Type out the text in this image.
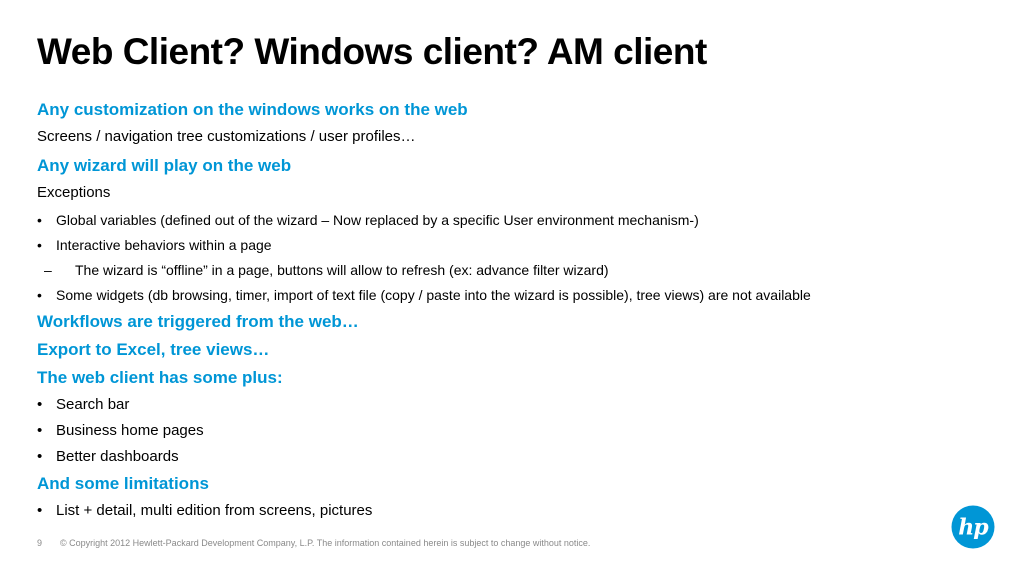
Web Client? Windows client? AM client
Any customization on the windows works on the web
Screens / navigation tree customizations / user profiles…
Any wizard will play on the web
Exceptions
• Global variables (defined out of the wizard – Now replaced by a specific User environment mechanism-)
• Interactive behaviors within a page
– The wizard is “offline” in a page, buttons will allow to refresh (ex: advance filter wizard)
• Some widgets (db browsing, timer, import of text file (copy / paste into the wizard is possible), tree views) are not available
Workflows are triggered from the web…
Export to Excel, tree views…
The web client has some plus:
• Search bar
• Business home pages
• Better dashboards
And some limitations
• List + detail, multi edition from screens, pictures
9 © Copyright 2012 Hewlett-Packard Development Company, L.P. The information contained herein is subject to change without notice.
hp
